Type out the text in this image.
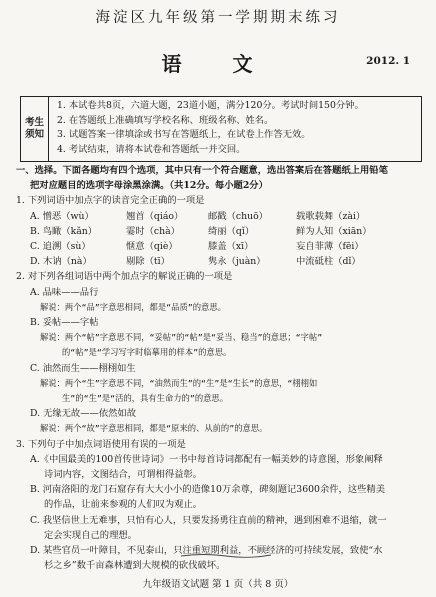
海淀区九年级第一学期期末练习
语 文	2012. 1
考生须知
1. 本试卷共8页，六道大题，23道小题，满分120分。考试时间150分钟。
2. 在答题纸上准确填写学校名称、班级名称、姓名。
3. 试题答案一律填涂或书写在答题纸上，在试卷上作答无效。
4. 考试结束，请将本试卷和答题纸一并交回。
一、选择。下面各题均有四个选项，其中只有一个符合题意，选出答案后在答题纸上用铅笔
把对应题目的选项字母涂黑涂满。（共12分。每小题2分）
1. 下列词语中加点字的读音完全正确的一项是
A. 憎恶（wù）	翘首（qiáo）	邮戳（chuō）	载歌载舞（zài）
B. 鸟瞰（kǎn）	霎时（chà）	绮丽（qǐ）	鲜为人知（xiān）
C. 追溯（sù）	惬意（qiè）	膝盖（xī）	妄自菲薄（fēi）
D. 木讷（nà）	剔除（tī）	隽永（juàn）	中流砥柱（dǐ）
2. 对下列各组词语中两个加点字的解说正确的一项是
A. 品味——品行
解说：两个“品”字意思相同，都是“品质”的意思。
B. 妥帖——字帖
解说：两个“帖”字意思不同，“妥帖”的“帖”是“妥当、稳当”的意思；“字帖”
的“帖”是“学习写字时临摹用的样本”的意思。
C. 油然而生——栩栩如生
解说：两个“生”字意思不同，“油然而生”的“生”是“生长”的意思，“栩栩如
生”的“生”是“活的，具有生命力的”的意思。
D. 无缘无故——依然如故
解说：两个“故”字意思相同，都是“原来的、从前的”的意思。
3. 下列句子中加点词语使用有误的一项是
A.《中国最美的100首传世诗词》一书中每首诗词都配有一幅美妙的诗意图，形象阐释
诗词内容，文图结合，可谓相得益彰。
B. 河南洛阳的龙门石窟存有大大小小的造像10万余尊，碑刻题记3600余件，这些精美
的作品，让前来参观的人们叹为观止。
C. 我坚信世上无难事，只怕有心人，只要发扬勇往直前的精神，遇到困难不退缩，就一
定会实现自己的理想。
D. 某些官员一叶障目，不见泰山，只注重短期利益，不顾经济的可持续发展，致使“水
杉之乡”数千亩森林遭到大规模的砍伐破坏。
九年级语文试题 第 1 页（共 8 页）
